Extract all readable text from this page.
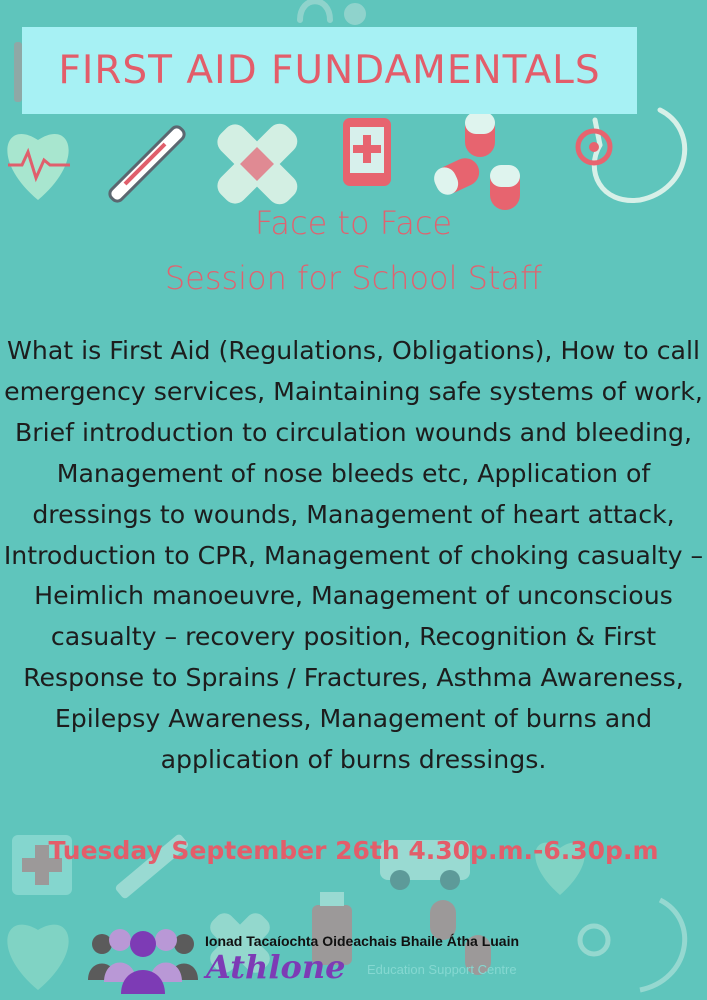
FIRST AID FUNDAMENTALS
Face to Face
Session for School Staff
What is First Aid (Regulations, Obligations), How to call emergency services, Maintaining safe systems of work, Brief introduction to circulation wounds and bleeding, Management of nose bleeds etc, Application of dressings to wounds, Management of heart attack, Introduction to CPR, Management of choking casualty – Heimlich manoeuvre, Management of unconscious casualty – recovery position, Recognition & First Response to Sprains / Fractures, Asthma Awareness, Epilepsy Awareness, Management of burns and application of burns dressings.
Tuesday September 26th 4.30p.m.-6.30p.m
Ionad Tacaíochta Oideachais Bhaile Átha Luain
Athlone Education Support Centre
